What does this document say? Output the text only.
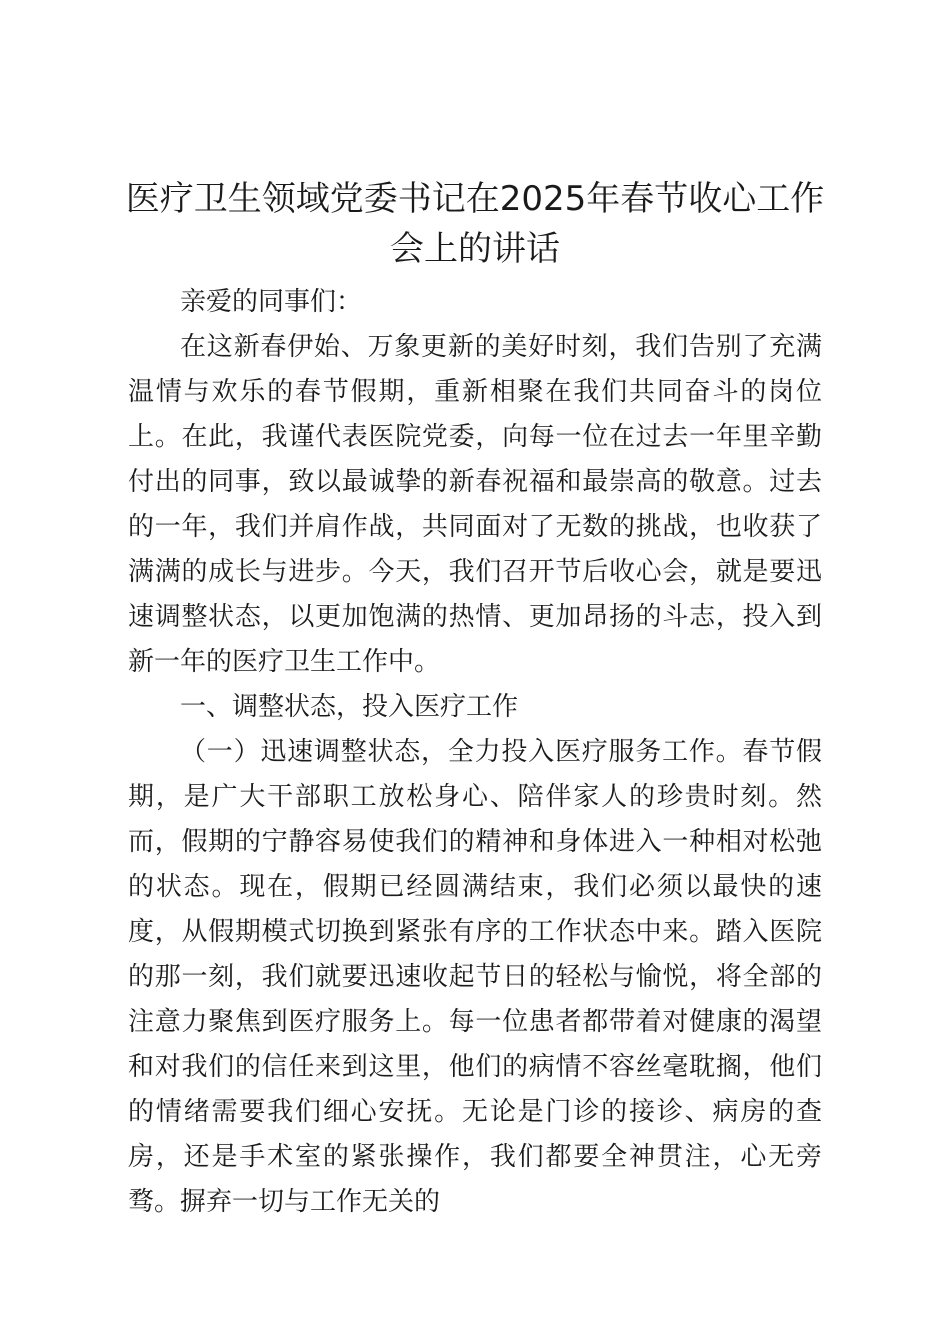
医疗卫生领域党委书记在2025年春节收心工作会上的讲话

亲爱的同事们：

在这新春伊始、万象更新的美好时刻，我们告别了充满温情与欢乐的春节假期，重新相聚在我们共同奋斗的岗位上。在此，我谨代表医院党委，向每一位在过去一年里辛勤付出的同事，致以最诚挚的新春祝福和最崇高的敬意。过去的一年，我们并肩作战，共同面对了无数的挑战，也收获了满满的成长与进步。今天，我们召开节后收心会，就是要迅速调整状态，以更加饱满的热情、更加昂扬的斗志，投入到新一年的医疗卫生工作中。

一、调整状态，投入医疗工作

（一）迅速调整状态，全力投入医疗服务工作。春节假期，是广大干部职工放松身心、陪伴家人的珍贵时刻。然而，假期的宁静容易使我们的精神和身体进入一种相对松弛的状态。现在，假期已经圆满结束，我们必须以最快的速度，从假期模式切换到紧张有序的工作状态中来。踏入医院的那一刻，我们就要迅速收起节日的轻松与愉悦，将全部的注意力聚焦到医疗服务上。每一位患者都带着对健康的渴望和对我们的信任来到这里，他们的病情不容丝毫耽搁，他们的情绪需要我们细心安抚。无论是门诊的接诊、病房的查房，还是手术室的紧张操作，我们都要全神贯注，心无旁骛。摒弃一切与工作无关的
